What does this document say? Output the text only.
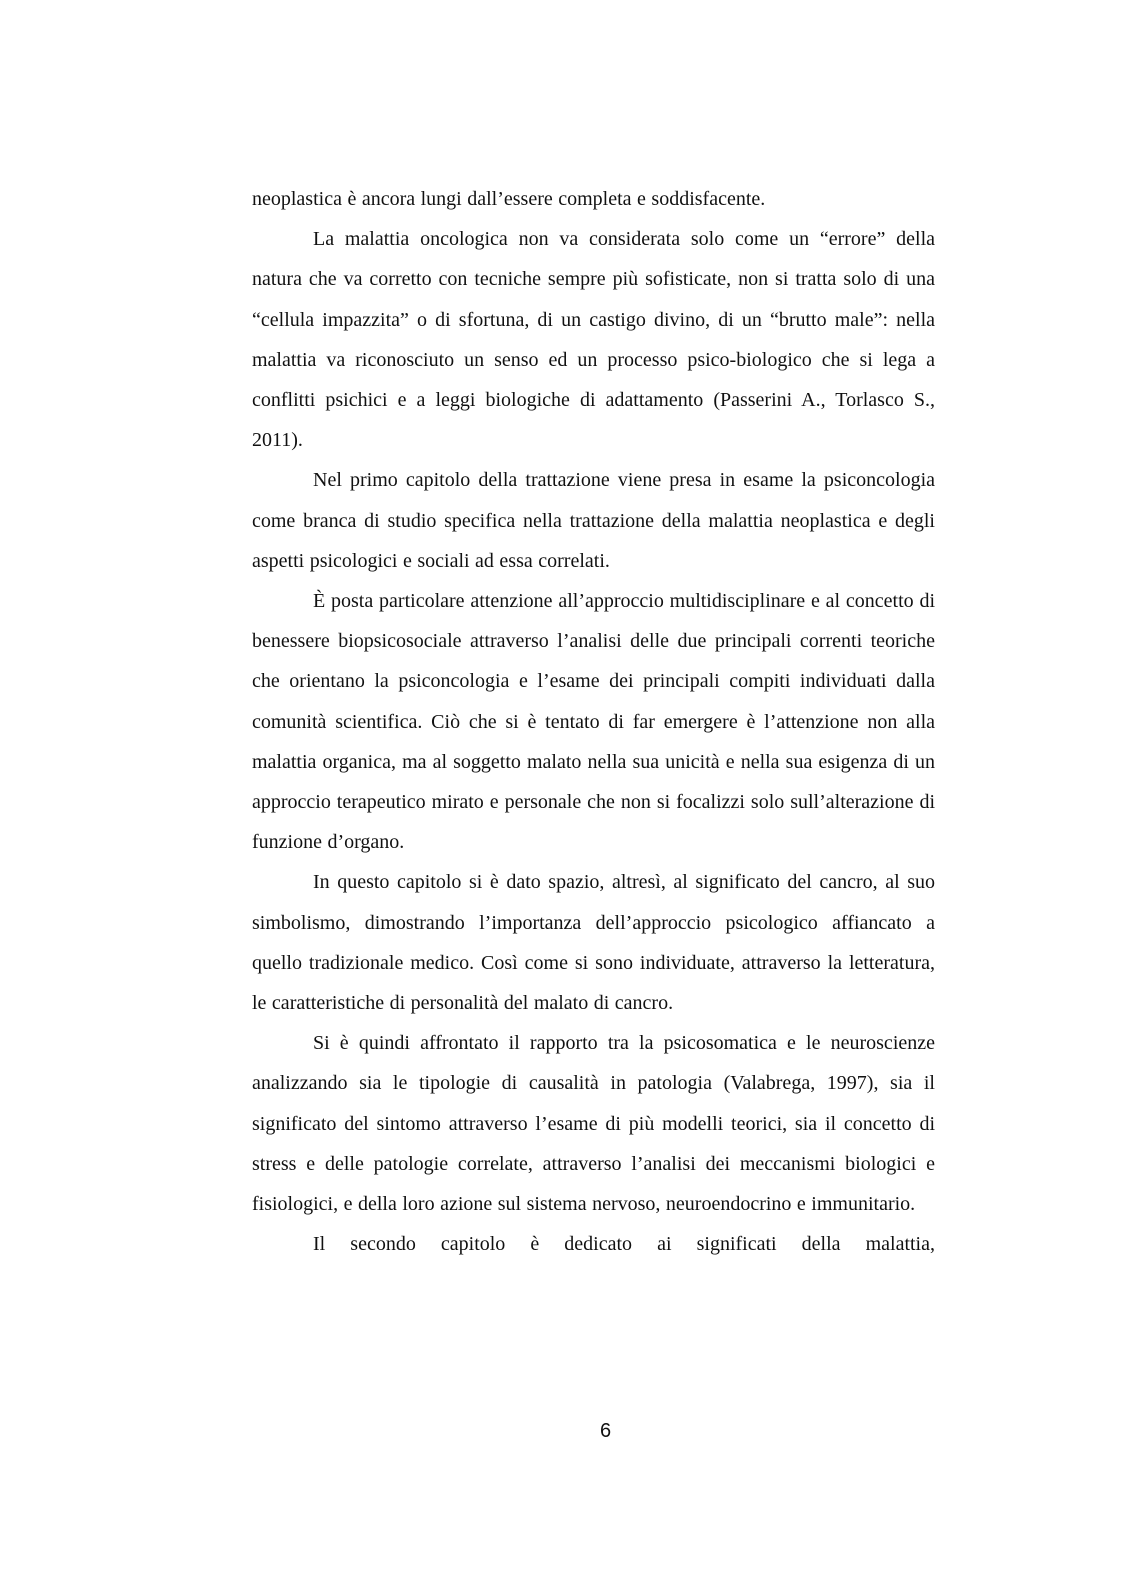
neoplastica è ancora lungi dall’essere completa e soddisfacente.

La malattia oncologica non va considerata solo come un “errore” della natura che va corretto con tecniche sempre più sofisticate, non si tratta solo di una “cellula impazzita” o di sfortuna, di un castigo divino, di un “brutto male”: nella malattia va riconosciuto un senso ed un processo psico-biologico che si lega a conflitti psichici e a leggi biologiche di adattamento (Passerini A., Torlasco S., 2011).

Nel primo capitolo della trattazione viene presa in esame la psiconcologia come branca di studio specifica nella trattazione della malattia neoplastica e degli aspetti psicologici e sociali ad essa correlati.

È posta particolare attenzione all’approccio multidisciplinare e al concetto di benessere biopsicosociale attraverso l’analisi delle due principali correnti teoriche che orientano la psiconcologia e l’esame dei principali compiti individuati dalla comunità scientifica. Ciò che si è tentato di far emergere è l’attenzione non alla malattia organica, ma al soggetto malato nella sua unicità e nella sua esigenza di un approccio terapeutico mirato e personale che non si focalizzi solo sull’alterazione di funzione d’organo.

In questo capitolo si è dato spazio, altresì, al significato del cancro, al suo simbolismo, dimostrando l’importanza dell’approccio psicologico affiancato a quello tradizionale medico. Così come si sono individuate, attraverso la letteratura, le caratteristiche di personalità del malato di cancro.

Si è quindi affrontato il rapporto tra la psicosomatica e le neuroscienze analizzando sia le tipologie di causalità in patologia (Valabrega, 1997), sia il significato del sintomo attraverso l’esame di più modelli teorici, sia il concetto di stress e delle patologie correlate, attraverso l’analisi dei meccanismi biologici e fisiologici, e della loro azione sul sistema nervoso, neuroendocrino e immunitario.

Il secondo capitolo è dedicato ai significati della malattia,

6
